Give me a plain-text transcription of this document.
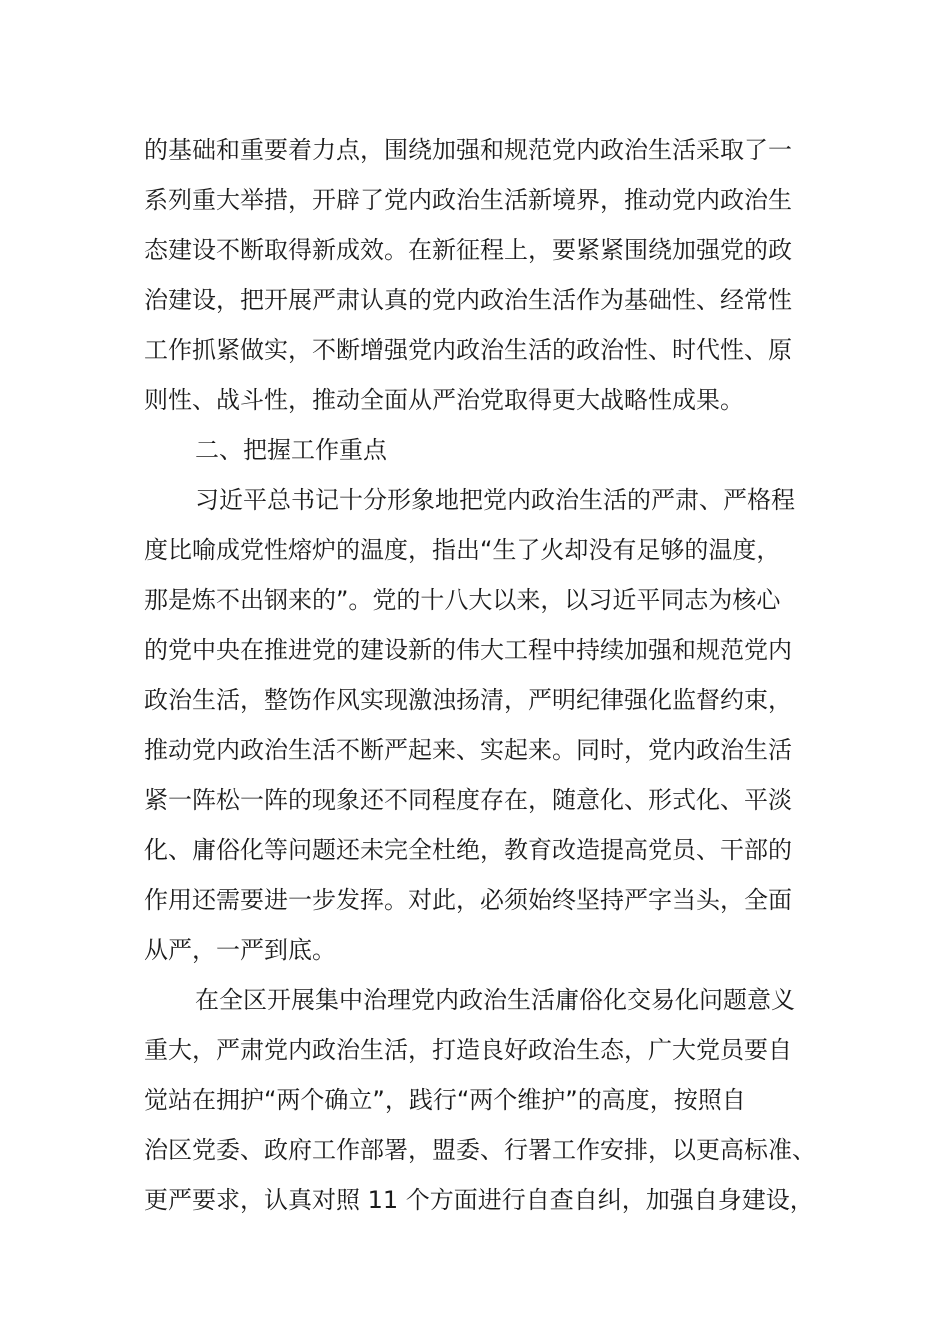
的基础和重要着力点，围绕加强和规范党内政治生活采取了一
系列重大举措，开辟了党内政治生活新境界，推动党内政治生
态建设不断取得新成效。在新征程上，要紧紧围绕加强党的政
治建设，把开展严肃认真的党内政治生活作为基础性、经常性
工作抓紧做实，不断增强党内政治生活的政治性、时代性、原
则性、战斗性，推动全面从严治党取得更大战略性成果。
二、把握工作重点
习近平总书记十分形象地把党内政治生活的严肃、严格程
度比喻成党性熔炉的温度，指出“生了火却没有足够的温度，
那是炼不出钢来的”。党的十八大以来，以习近平同志为核心
的党中央在推进党的建设新的伟大工程中持续加强和规范党内
政治生活，整饬作风实现激浊扬清，严明纪律强化监督约束，
推动党内政治生活不断严起来、实起来。同时，党内政治生活
紧一阵松一阵的现象还不同程度存在，随意化、形式化、平淡
化、庸俗化等问题还未完全杜绝，教育改造提高党员、干部的
作用还需要进一步发挥。对此，必须始终坚持严字当头，全面
从严，一严到底。
在全区开展集中治理党内政治生活庸俗化交易化问题意义
重大，严肃党内政治生活，打造良好政治生态，广大党员要自
觉站在拥护“两个确立”，践行“两个维护”的高度，按照自
治区党委、政府工作部署，盟委、行署工作安排，以更高标准、
更严要求，认真对照 11 个方面进行自查自纠，加强自身建设，
